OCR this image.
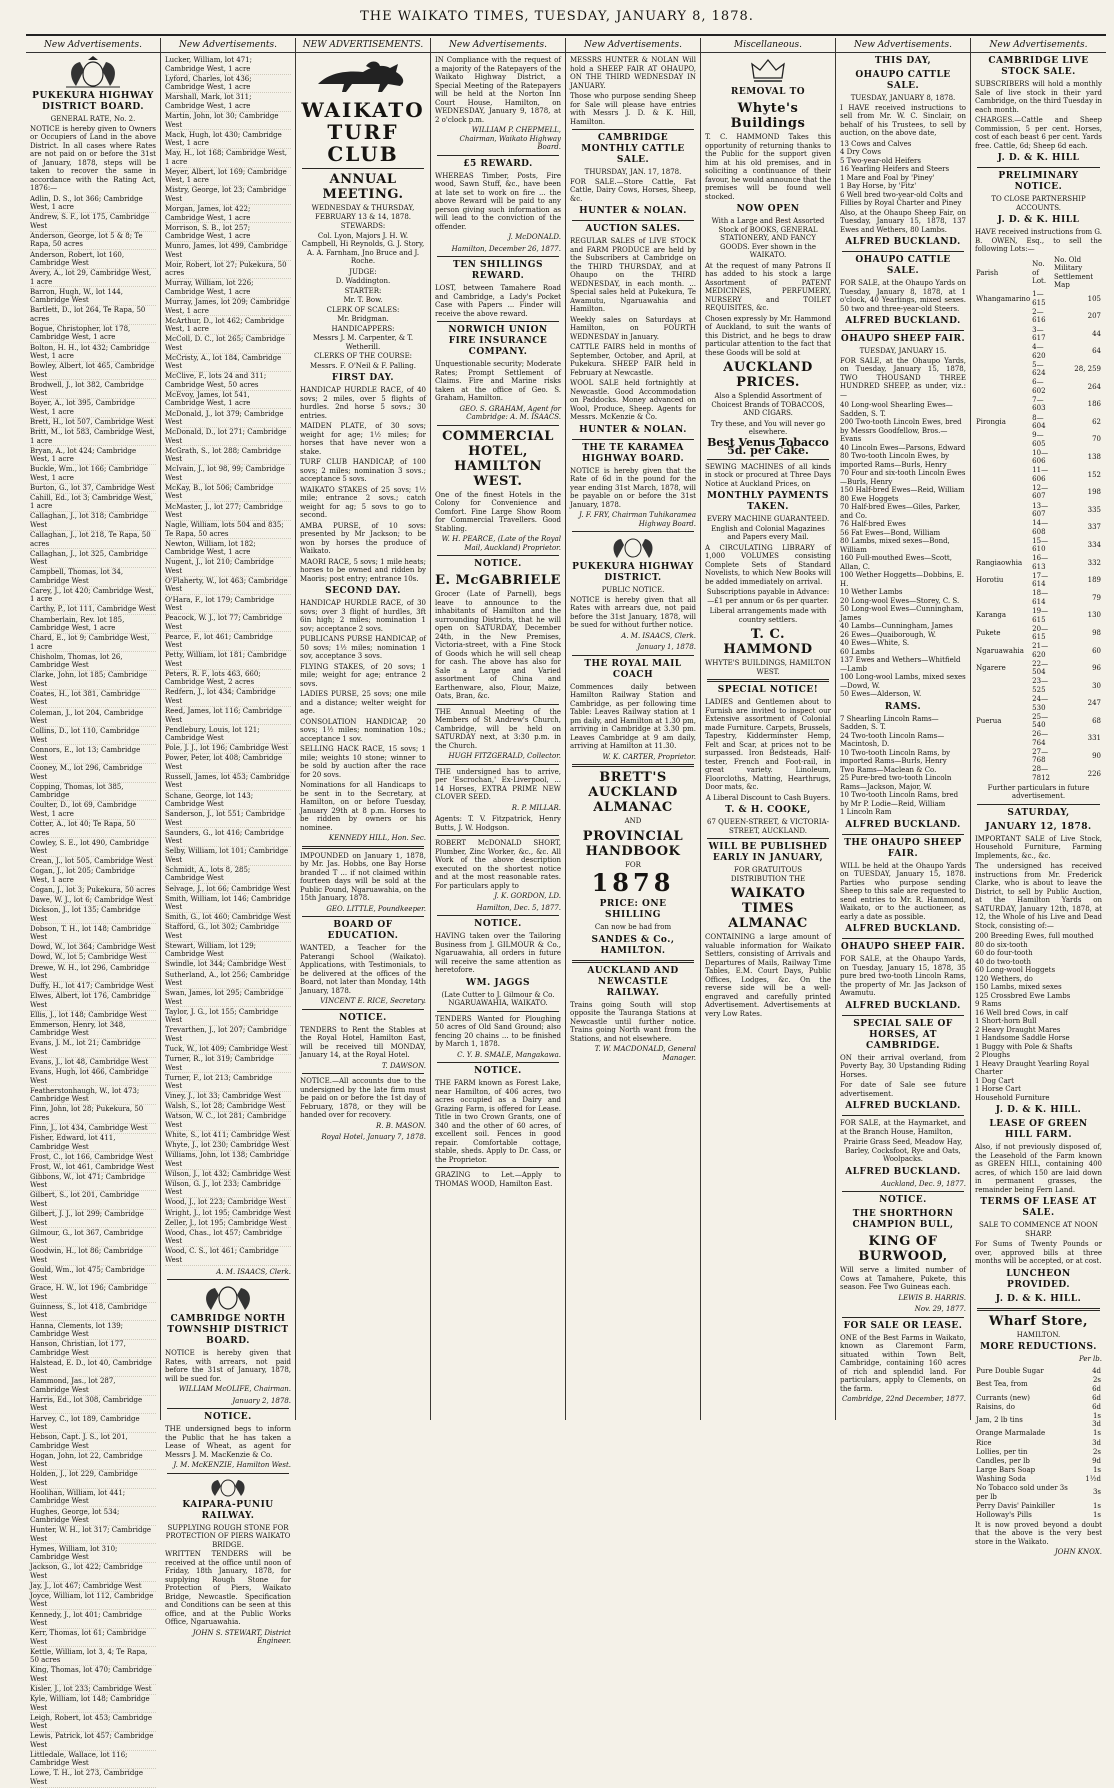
THE WAIKATO TIMES, TUESDAY, JANUARY 8, 1878.
New Advertisements.
PUKEKURA HIGHWAY DISTRICT BOARD.
GENERAL RATE, No. 2.

NOTICE is hereby given to Owners or Occupiers of Land in the above District. In all cases where Rates are not paid on or before the 31st of January, 1878, steps will be taken to recover the same in accordance with the Rating Act, 1876:—

Adlin, D. S., lot 366; Cambridge West, 1 acre
Andrew, S. F., lot 175, Cambridge West
Anderson, George, lot 5 & 8; Te Rapa, 50 acres
Anderson, Robert, lot 160, Cambridge West
Avery, A., lot 29, Cambridge West, 1 acre
Barron, Hugh, W., lot 144, Cambridge West
Bartlett, D., lot 264, Te Rapa, 50 acres
Bogue, Christopher, lot 178, Cambridge West, 1 acre
Bolton, H. H., lot 432; Cambridge West, 1 acre
Bowley, Albert, lot 465, Cambridge West
Brodwell, J., lot 382, Cambridge West
Boyer, A., lot 395, Cambridge West, 1 acre
Brett, H., lot 507, Cambridge West
Britt, M., lot 583, Cambridge West, 1 acre
Bryan, A., lot 424; Cambridge West, 1 acre
Buckle, Wm., lot 166; Cambridge West, 1 acre
Burton, G., lot 37, Cambridge West
Cahill, Ed., lot 3; Cambridge West, 1 acre
Callaghan, J., lot 318; Cambridge West
Callaghan, J., lot 218, Te Rapa, 50 acres
Callaghan, J., lot 325, Cambridge West
Campbell, Thomas, lot 34, Cambridge West
Carey, J., lot 420; Cambridge West, 1 acre
Carthy, P., lot 111, Cambridge West
Chamberlain, Rev. lot 185, Cambridge West, 1 acre
Chard, E., lot 9; Cambridge West, 1 acre
Chisholm, Thomas, lot 26, Cambridge West
Clarke, John, lot 185; Cambridge West
Coates, H., lot 381, Cambridge West
Coleman, J., lot 204, Cambridge West
Collins, D., lot 110, Cambridge West
Connors, E., lot 13; Cambridge West
Cooney, M., lot 296, Cambridge West
Copping, Thomas, lot 385, Cambridge
Coulter, D., lot 69, Cambridge West, 1 acre
Cotter, A., lot 40; Te Rapa, 50 acres
Cowley, S. E., lot 490, Cambridge West
Crean, J., lot 505, Cambridge West
Cogan, J., lot 205; Cambridge West, 1 acre
Cogan, J., lot 3; Pukekura, 50 acres
Dawe, W. J., lot 6; Cambridge West
Dickson, J., lot 135; Cambridge West
Dobson, T. H., lot 148; Cambridge West
Dowd, W., lot 364; Cambridge West
Dowd, W., lot 5; Cambridge West
Drewe, W. H., lot 296, Cambridge West
Duffy, H., lot 417; Cambridge West
Elwes, Albert, lot 176, Cambridge West
Ellis, J., lot 148; Cambridge West
Emmerson, Henry, lot 348, Cambridge West
Evans, J. M., lot 21; Cambridge West
Evans, J., lot 48, Cambridge West
Evans, Hugh, lot 466, Cambridge West
Featherstonhaugh, W., lot 473; Cambridge West
Finn, John, lot 28; Pukekura, 50 acres
Finn, J., lot 434, Cambridge West
Fisher, Edward, lot 411, Cambridge West
Frost, C., lot 166, Cambridge West
Frost, W., lot 461, Cambridge West
Gibbons, W., lot 471; Cambridge West
Gilbert, S., lot 201, Cambridge West
Gilbert, J. J., lot 299; Cambridge West
Gilmour, G., lot 367, Cambridge West
Goodwin, H., lot 86; Cambridge West
Gould, Wm., lot 475; Cambridge West
Grace, H. W., lot 196; Cambridge West
Guinness, S., lot 418, Cambridge West
Hanna, Clements, lot 139; Cambridge West
Hanson, Christian, lot 177, Cambridge West
Halstead, E. D., lot 40, Cambridge West
Hammond, Jas., lot 287, Cambridge West
Harris, Ed., lot 308, Cambridge West
Harvey, C., lot 189, Cambridge West
Hebson, Capt. J. S., lot 201, Cambridge West
Hogan, John, lot 22, Cambridge West
Holden, J., lot 229, Cambridge West
Hoolihan, William, lot 441; Cambridge West
Hughes, George, lot 534; Cambridge West
Hunter, W. H., lot 317; Cambridge West
Hymes, William, lot 310; Cambridge West
Jackson, G., lot 422; Cambridge West
Jay, J., lot 467; Cambridge West
Joyce, William, lot 112, Cambridge West
Kennedy, J., lot 401; Cambridge West
Kerr, Thomas, lot 61; Cambridge West
Kettle, William, lot 3, 4; Te Rapa, 50 acres
King, Thomas, lot 470; Cambridge West
Kisler, J., lot 233; Cambridge West
Kyle, William, lot 148; Cambridge West
Leigh, Robert, lot 453; Cambridge West
Lewis, Patrick, lot 457; Cambridge West
Littledale, Wallace, lot 116; Cambridge West
Lowe, T. H., lot 273, Cambridge West
New Advertisements.
Lucker, William, lot 471; Cambridge West, 1 acre
Lyford, Charles, lot 436; Cambridge West, 1 acre
Marshall, Mark, lot 311; Cambridge West, 1 acre
Martin, John, lot 30; Cambridge West
Mack, Hugh, lot 430; Cambridge West, 1 acre
May, H., lot 168; Cambridge West, 1 acre
Meyer, Albert, lot 169; Cambridge West, 1 acre
Mistry, George, lot 23; Cambridge West
Morgan, James, lot 422; Cambridge West, 1 acre
Morrison, S. B., lot 257; Cambridge West, 1 acre
Munro, James, lot 499, Cambridge West
Moir, Robert, lot 27; Pukekura, 50 acres
Murray, William, lot 226; Cambridge West, 1 acre
Murray, James, lot 209; Cambridge West, 1 acre
McArthur, D., lot 462; Cambridge West, 1 acre
McColl, D. C., lot 265; Cambridge West
McCristy, A., lot 184, Cambridge West
McClive, F., lots 24 and 311; Cambridge West, 50 acres
McEvoy, James, lot 541, Cambridge West, 1 acre
McDonald, J., lot 379; Cambridge West
McDonald, D., lot 271; Cambridge West
McGrath, S., lot 288; Cambridge West
McIvain, J., lot 98, 99; Cambridge West
McKay, B., lot 506; Cambridge West
McMaster, J., lot 277; Cambridge West
Nagle, William, lots 504 and 835; Te Rapa, 50 acres
Newton, William, lot 182; Cambridge West, 1 acre
Nugent, J., lot 210; Cambridge West
O'Flaherty, W., lot 463; Cambridge West
O'Hara, F., lot 179; Cambridge West
Peacock, W. J., lot 77; Cambridge West
Pearce, F., lot 461; Cambridge West
Petty, William, lot 181; Cambridge West
Peters, R. F., lots 463, 660; Cambridge West, 2 acres
Redfern, J., lot 434; Cambridge West
Reed, James, lot 116; Cambridge West
Pendlebury, Louis, lot 121; Cambridge West
Pole, J. J., lot 196; Cambridge West
Power, Peter, lot 408; Cambridge West
Russell, James, lot 453; Cambridge West
Schane, George, lot 143; Cambridge West
Sanderson, J., lot 551; Cambridge West
Saunders, G., lot 416; Cambridge West
Selby, William, lot 101; Cambridge West
Schmidt, A., lots 8, 285; Cambridge West
Selvage, J., lot 66; Cambridge West
Smith, William, lot 146; Cambridge West
Smith, G., lot 460; Cambridge West
Stafford, G., lot 302; Cambridge West
Stewart, William, lot 129; Cambridge West
Swindle, lot 344; Cambridge West
Sutherland, A., lot 256; Cambridge West
Swan, James, lot 295; Cambridge West
Taylor, J. G., lot 155; Cambridge West
Trevarthen, J., lot 207; Cambridge West
Tuck, W., lot 409; Cambridge West
Turner, R., lot 319; Cambridge West
Turner, F., lot 213; Cambridge West
Viney, J., lot 33; Cambridge West
Walsh, S., lot 28; Cambridge West
Watson, W. C., lot 281; Cambridge West
White, S., lot 411; Cambridge West
Whyte, J., lot 230; Cambridge West
Williams, John, lot 138; Cambridge West
Wilson, J., lot 432; Cambridge West
Wilson, G. J., lot 233; Cambridge West
Wood, J., lot 223; Cambridge West
Wright, J., lot 195; Cambridge West
Zeller, J., lot 195; Cambridge West
Wood, Chas., lot 457; Cambridge West
Wood, C. S., lot 461; Cambridge West
A. M. ISAACS, Clerk.
CAMBRIDGE NORTH TOWNSHIP DISTRICT BOARD.

NOTICE is hereby given that Rates, with arrears, not paid before the 31st of January, 1878, will be sued for.

WILLIAM McOLIFE, Chairman.
January 2, 1878.
NOTICE.

THE undersigned begs to inform the Public that he has taken a Lease of Wheat, as agent for Messrs J. M. MacKenzie & Co.

J. M. McKENZIE, Hamilton West.
KAIPARA-PUNIU RAILWAY.
SUPPLYING ROUGH STONE FOR PROTECTION OF PIERS WAIKATO BRIDGE.

WRITTEN TENDERS will be received at the office until noon of Friday, 18th January, 1878, for supplying Rough Stone for Protection of Piers, Waikato Bridge, Newcastle. Specification and Conditions can be seen at this office, and at the Public Works Office, Ngaruawahia.

JOHN S. STEWART, District Engineer.
NEW ADVERTISEMENTS.
WAIKATO TURF CLUB
ANNUAL MEETING.
WEDNESDAY & THURSDAY, FEBRUARY 13 & 14, 1878.
STEWARDS:

Col. Lyon, Majors J. H. W. Campbell, Hi Reynolds, G. J. Story, A. A. Farnham, Jno Bruce and J. Roche.

JUDGE:
D. Waddington.
STARTER:
Mr. T. Bow.
CLERK OF SCALES:
Mr. Bridgman.
HANDICAPPERS:
Messrs J. M. Carpenter, & T. Wetherill.
CLERKS OF THE COURSE:
Messrs. F. O'Neil & F. Palling.
FIRST DAY.

HANDICAP HURDLE RACE, of 40 sovs; 2 miles, over 5 flights of hurdles. 2nd horse 5 sovs.; 30 entries.

MAIDEN PLATE, of 30 sovs; weight for age; 1½ miles; for horses that have never won a stake.

TURF CLUB HANDICAP, of 100 sovs; 2 miles; nomination 3 sovs.; acceptance 5 sovs.

WAIKATO STAKES of 25 sovs; 1½ mile; entrance 2 sovs.; catch weight for ag; 5 sovs to go to second.

AMBA PURSE, of 10 sovs: presented by Mr Jackson; to be won by horses the produce of Waikato.

MAORI RACE, 5 sovs; 1 mile heats; horses to be owned and ridden by Maoris; post entry; entrance 10s.

SECOND DAY.

HANDICAP HURDLE RACE, of 30 sovs; over 3 flight of hurdles, 3ft 6in high; 2 miles; nomination 1 sov; acceptance 2 sovs.

PUBLICANS PURSE HANDICAP, of 50 sovs; 1½ miles; nomination 1 sov, acceptance 3 sovs.

FLYING STAKES, of 20 sovs; 1 mile; weight for age; entrance 2 sovs.

LADIES PURSE, 25 sovs; one mile and a distance; welter weight for age.

CONSOLATION HANDICAP, 20 sovs; 1½ miles; nomination 10s.; acceptance 1 sov.

SELLING HACK RACE, 15 sovs; 1 mile; weights 10 stone; winner to be sold by auction after the race for 20 sovs.

Nominations for all Handicaps to be sent in to the Secretary, at Hamilton, on or before Tuesday, January 29th at 8 p.m. Horses to be ridden by owners or his nominee.

KENNEDY HILL, Hon. Sec.

IMPOUNDED on January 1, 1878, by Mr. Jas. Hobbs, one Bay Horse branded T ... if not claimed within fourteen days will be sold at the Public Pound, Ngaruawahia, on the 15th January, 1878.

GEO. LITTLE, Poundkeeper.
BOARD OF EDUCATION.

WANTED, a Teacher for the Paterangi School (Waikato). Applications, with Testimonials, to be delivered at the offices of the Board, not later than Monday, 14th January, 1878.

VINCENT E. RICE, Secretary.
NOTICE.

TENDERS to Rent the Stables at the Royal Hotel, Hamilton East, will be received till MONDAY, January 14, at the Royal Hotel.

T. DAWSON.

NOTICE.—All accounts due to the undersigned by the late firm must be paid on or before the 1st day of February, 1878, or they will be handed over for recovery.

R. B. MASON.
Royal Hotel, January 7, 1878.
New Advertisements.

IN Compliance with the request of a majority of the Ratepayers of the Waikato Highway District, a Special Meeting of the Ratepayers will be held at the Norton Inn Court House, Hamilton, on WEDNESDAY, January 9, 1878, at 2 o'clock p.m.

WILLIAM P. CHEPMELL, Chairman, Waikato Highway Board.
£5 REWARD.

WHEREAS Timber, Posts, Fire wood, Sawn Stuff, &c., have been at late set to work on fire ... the above Reward will be paid to any person giving such information as will lead to the conviction of the offender.

J. McDONALD.
Hamilton, December 26, 1877.
TEN SHILLINGS REWARD.

LOST, between Tamahere Road and Cambridge, a Lady's Pocket Case with Papers ... Finder will receive the above reward.

NORWICH UNION FIRE INSURANCE COMPANY.

Unquestionable security; Moderate Rates; Prompt Settlement of Claims. Fire and Marine risks taken at the office of Geo. S. Graham, Hamilton.

GEO. S. GRAHAM, Agent for Cambridge: A. M. ISAACS.
COMMERCIAL HOTEL, HAMILTON WEST.

One of the finest Hotels in the Colony for Convenience and Comfort. Fine Large Show Room for Commercial Travellers. Good Stabling.

W. H. PEARCE, (Late of the Royal Mail, Auckland) Proprietor.
NOTICE.
E. McGABRIELE

Grocer (Late of Parnell), begs leave to announce to the inhabitants of Hamilton and the surrounding Districts, that he will open on SATURDAY, December 24th, in the New Premises, Victoria-street, with a Fine Stock of Goods which he will sell cheap for cash. The above has also for Sale a Large and Varied assortment of China and Earthenware, also, Flour, Maize, Oats, Bran, &c.

THE Annual Meeting of the Members of St Andrew's Church, Cambridge, will be held on SATURDAY next, at 3:30 p.m. in the Church.

HUGH FITZGERALD, Collector.

THE undersigned has to arrive, per 'Escrochan,' Ex-Liverpool, ... 14 Horses, EXTRA PRIME NEW CLOVER SEED.

R. P. MILLAR.

Agents: T. V. Fitzpatrick, Henry Butts, J. W. Hodgson.

ROBERT McDONALD SHORT, Plumber, Zinc Worker, &c., &c. All Work of the above description executed on the shortest notice and at the most reasonable rates. For particulars apply to

J. K. GORDON, LD.
Hamilton, Dec. 5, 1877.
NOTICE.

HAVING taken over the Tailoring Business from J. GILMOUR & Co., Ngaruawahia, all orders in future will receive the same attention as heretofore.

WM. JAGGS
(Late Cutter to J. Gilmour & Co. NGARUAWAHIA, WAIKATO.

TENDERS Wanted for Ploughing 50 acres of Old Sand Ground; also fencing 20 chains ... to be finished by March 1, 1878.

C. Y. B. SMALE, Mangakawa.
NOTICE.

THE FARM known as Forest Lake, near Hamilton, of 406 acres, two acres occupied as a Dairy and Grazing Farm, is offered for Lease. Title in two Crown Grants, one of 340 and the other of 60 acres, of excellent soil. Fences in good repair. Comfortable cottage, stable, sheds. Apply to Dr. Cass, or the Proprietor.

GRAZING to Let.—Apply to THOMAS WOOD, Hamilton East.

New Advertisements.

MESSRS HUNTER & NOLAN Will hold a SHEEP FAIR AT OHAUPO, ON THE THIRD WEDNESDAY IN JANUARY.

Those who purpose sending Sheep for Sale will please have entries with Messrs J. D. & K. Hill, Hamilton.

CAMBRIDGE MONTHLY CATTLE SALE.
THURSDAY, JAN. 17, 1878.

FOR SALE.—Store Cattle, Fat Cattle, Dairy Cows, Horses, Sheep, &c.

HUNTER & NOLAN.
AUCTION SALES.

REGULAR SALES of LIVE STOCK and FARM PRODUCE are held by the Subscribers at Cambridge on the THIRD THURSDAY, and at Ohaupo on the THIRD WEDNESDAY, in each month. ... Special sales held at Pukekura, Te Awamutu, Ngaruawahia and Hamilton.

Weekly sales on Saturdays at Hamilton, on FOURTH WEDNESDAY in January.

CATTLE FAIRS held in months of September, October, and April, at Pukekura. SHEEP FAIR held in February at Newcastle.

WOOL SALE held fortnightly at Newcastle. Good Accommodation on Paddocks. Money advanced on Wool, Produce, Sheep. Agents for Messrs. McKenzie & Co.

HUNTER & NOLAN.
THE TE KARAMEA HIGHWAY BOARD.

NOTICE is hereby given that the Rate of 6d in the pound for the year ending 31st March, 1878, will be payable on or before the 31st January, 1878.

J. F. FRY, Chairman Tuhikaramea Highway Board.
PUKEKURA HIGHWAY DISTRICT.
PUBLIC NOTICE.

NOTICE is hereby given that all Rates with arrears due, not paid before the 31st January, 1878, will be sued for without further notice.

A. M. ISAACS, Clerk.
January 1, 1878.
THE ROYAL MAIL COACH

Commences daily between Hamilton Railway Station and Cambridge, as per following time Table: Leaves Railway station at 1 pm daily, and Hamilton at 1.30 pm, arriving in Cambridge at 3.30 pm. Leaves Cambridge at 9 am daily, arriving at Hamilton at 11.30.

W. K. CARTER, Proprietor.
BRETT'S AUCKLAND ALMANAC
AND
PROVINCIAL HANDBOOK
FOR
1878
PRICE: ONE SHILLING
Can now be had from
SANDES & Co., HAMILTON.
AUCKLAND AND NEWCASTLE RAILWAY.

Trains going South will stop opposite the Tauranga Stations at Newcastle until further notice. Trains going North want from the Stations, and not elsewhere.

T. W. MACDONALD, General Manager.
Miscellaneous.
REMOVAL TO
Whyte's Buildings

T. C. HAMMOND Takes this opportunity of returning thanks to the Public for the support given him at his old premises, and in soliciting a continuance of their favour, he would announce that the premises will be found well stocked.

NOW OPEN

With a Large and Best Assorted Stock of BOOKS, GENERAL STATIONERY, AND FANCY GOODS. Ever shown in the WAIKATO.

At the request of many Patrons II has added to his stock a large Assortment of PATENT MEDICINES, PERFUMERY, NURSERY and TOILET REQUISITES, &c.

Chosen expressly by Mr. Hammond of Auckland, to suit the wants of this District, and he begs to draw particular attention to the fact that these Goods will be sold at

AUCKLAND PRICES.

Also a Splendid Assortment of Choicest Brands of TOBACCOS, AND CIGARS.

Try these, and You will never go elsewhere.

Best Venus Tobacco 5d. per Cake.

SEWING MACHINES of all kinds in stock or procured at Three Days Notice at Auckland Prices, on

MONTHLY PAYMENTS TAKEN.
EVERY MACHINE GUARANTEED.

English and Colonial Magazines and Papers every Mail.

A CIRCULATING LIBRARY of 1,000 VOLUMES consisting Complete Sets of Standard Novelists, to which New Books will be added immediately on arrival.

Subscriptions payable in Advance:—£1 per annum or 6s per quarter.

Liberal arrangements made with country settlers.

T. C. HAMMOND
WHYTE'S BUILDINGS, HAMILTON WEST.
SPECIAL NOTICE!

LADIES and Gentlemen about to Furnish are invited to inspect our Extensive assortment of Colonial made Furniture. Carpets, Brussels, Tapestry, Kidderminster Hemp, Felt and Scar, at prices not to be surpassed. Iron Bedsteads, Half-tester, French and Foot-rail, in great variety. Linoleum, Floorcloths, Matting, Hearthrugs, Door mats, &c.

A Liberal Discount to Cash Buyers.
T. & H. COOKE,
67 QUEEN-STREET, & VICTORIA-STREET, AUCKLAND.
WILL BE PUBLISHED EARLY IN JANUARY,
FOR GRATUITOUS DISTRIBUTION THE
WAIKATO TIMES ALMANAC

CONTAINING a large amount of valuable information for Waikato Settlers, consisting of Arrivals and Departures of Mails, Railway Time Tables, E.M. Court Days, Public Offices, Lodges, &c. On the reverse side will be a well-engraved and carefully printed Advertisement. Advertisements at very Low Rates.

New Advertisements.
THIS DAY,
OHAUPO CATTLE SALE.
TUESDAY, JANUARY 8, 1878.

I HAVE received instructions to sell from Mr. W. C. Sinclair, on behalf of his Trustees, to sell by auction, on the above date,

13 Cows and Calves
4 Dry Cows
5 Two-year-old Heifers
16 Yearling Heifers and Steers
1 Mare and Foal by 'Piney'
1 Bay Horse, by 'Fitz'
6 Well bred two-year-old Colts and Fillies by Royal Charter and Piney

Also, at the Ohaupo Sheep Fair, on Tuesday, January 15, 1878, 137 Ewes and Wethers, 80 Lambs.

ALFRED BUCKLAND.
OHAUPO CATTLE SALE.

FOR SALE, at the Ohaupo Yards on Tuesday, January 8, 1878, at 1 o'clock, 40 Yearlings, mixed sexes. 50 two and three-year-old Steers.

ALFRED BUCKLAND.
OHAUPO SHEEP FAIR.
TUESDAY, JANUARY 15.

FOR SALE, at the Ohaupo Yards, on Tuesday, January 15, 1878, TWO THOUSAND THREE HUNDRED SHEEP, as under, viz.:—

40 Long-wool Shearling Ewes—Sadden, S. T.
200 Two-tooth Lincoln Ewes, bred by Messrs Goodfellow, Bros.—Evans
40 Lincoln Ewes—Parsons, Edward
80 Two-tooth Lincoln Ewes, by imported Rams—Burls, Henry
70 Four and six-tooth Lincoln Ewes—Burls, Henry
150 Half-bred Ewes—Reid, William
80 Ewe Hoggets
70 Half-bred Ewes—Giles, Parker, and Co.
76 Half-bred Ewes
56 Fat Ewes—Bond, William
80 Lambs, mixed sexes—Bond, William
160 Full-mouthed Ewes—Scott, Allan, C.
100 Wether Hoggetts—Dobbins, E. H.
10 Wether Lambs
20 Long-wool Ewes—Storey, C. S.
50 Long-wool Ewes—Cunningham, James
40 Lambs—Cunningham, James
26 Ewes—Quaiborough, W.
40 Ewes—White, S.
60 Lambs
137 Ewes and Wethers—Whitfield—Lamb
100 Long-wool Lambs, mixed sexes—Dowd, W.
50 Ewes—Alderson, W.
RAMS.
7 Shearling Lincoln Rams—Sadden, S. T.
24 Two-tooth Lincoln Rams—Macintosh, D.
10 Two-tooth Lincoln Rams, by imported Rams—Burls, Henry
Two Rams—Maclean & Co.
25 Pure-bred two-tooth Lincoln Rams—Jackson, Major, W.
10 Two-tooth Lincoln Rams, bred by Mr P. Lodie—Reid, William
1 Lincoln Ram
ALFRED BUCKLAND.
THE OHAUPO SHEEP FAIR.

WILL be held at the Ohaupo Yards on TUESDAY, January 15, 1878. Parties who purpose sending Sheep to this sale are requested to send entries to Mr. R. Hammond, Waikato, or to the auctioneer, as early a date as possible.

ALFRED BUCKLAND.
OHAUPO SHEEP FAIR.

FOR SALE, at the Ohaupo Yards, on Tuesday, January 15, 1878, 35 pure bred two-tooth Lincoln Rams, the property of Mr. Jas Jackson of Awamutu.

ALFRED BUCKLAND.
SPECIAL SALE OF HORSES, AT CAMBRIDGE.

ON their arrival overland, from Poverty Bay, 30 Upstanding Riding Horses.

For date of Sale see future advertisement.

ALFRED BUCKLAND.

FOR SALE, at the Haymarket, and at the Branch House, Hamilton,

Prairie Grass Seed, Meadow Hay, Barley, Cocksfoot, Rye and Oats, Woolpacks.

ALFRED BUCKLAND.
Auckland, Dec. 9, 1877.
NOTICE.
THE SHORTHORN CHAMPION BULL,
KING OF BURWOOD,

Will serve a limited number of Cows at Tamahere, Pukete, this season. Fee Two Guineas each.

LEWIS B. HARRIS.
Nov. 29, 1877.
FOR SALE OR LEASE.

ONE of the Best Farms in Waikato, known as Claremont Farm, situated within Town Belt, Cambridge, containing 160 acres of rich and splendid land. For particulars, apply to Clements, on the farm.

Cambridge, 22nd December, 1877.
New Advertisements.
CAMBRIDGE LIVE STOCK SALE.

SUBSCRIBERS will hold a monthly Sale of live stock in their yard Cambridge, on the third Tuesday in each month.

CHARGES.—Cattle and Sheep Commission, 5 per cent. Horses, cost of each beast 6 per cent. Yards free. Cattle, 6d; Sheep 6d each.

J. D. & K. HILL
PRELIMINARY NOTICE.
TO CLOSE PARTNERSHIP ACCOUNTS.
J. D. & K. HILL

HAVE received instructions from G. B. OWEN, Esq., to sell the following Lots:—

Parish	No. of Lot.	No. Old Military Settlement Map
Whangamarino	1—615	105
	2—616	207
	3—617	44
	4—620	64
	5—624	28, 259
	6—602	264
	7—603	186
Pirongia	8—604	62
	9—605	70
	10—606	138
	11—606	152
	12—607	198
	13—607	335
	14—608	337
	15—610	334
Rangiaowhia	16—613	332
Horotiu	17—614	189
	18—614	79
Karanga	19—615	130
Pukete	20—615	98
Ngaruawahia	21—620	60
Ngarere	22—504	96
	23—525	30
	24—530	247
Puerua	25—540	68
	26—764	331
	27—768	90
	28—7812	226

Further particulars in future advertisement.

SATURDAY,
JANUARY 12, 1878.

IMPORTANT SALE of Live Stock, Household Furniture, Farming Implements, &c., &c.

The undersigned has received instructions from Mr. Frederick Clarke, who is about to leave the District, to sell by Public Auction, at the Hamilton Yards on SATURDAY, January 12th, 1878, at 12, the Whole of his Live and Dead Stock, consisting of:—

200 Breeding Ewes, full mouthed
80 do six-tooth
60 do four-tooth
40 do two-tooth
60 Long-wool Hoggets
120 Wethers, do
150 Lambs, mixed sexes
125 Crossbred Ewe Lambs
9 Rams
16 Well bred Cows, in calf
1 Short-horn Bull
2 Heavy Draught Mares
1 Handsome Saddle Horse
1 Buggy with Pole & Shafts
2 Ploughs
1 Heavy Draught Yearling Royal Charter
1 Dog Cart
1 Horse Cart
Household Furniture
J. D. & K. HILL.
LEASE OF GREEN HILL FARM.

Also, if not previously disposed of, the Leasehold of the Farm known as GREEN HILL, containing 400 acres, of which 150 are laid down in permanent grasses, the remainder being Fern Land.

TERMS OF LEASE AT SALE.

SALE TO COMMENCE AT NOON SHARP.

For Sums of Twenty Pounds or over, approved bills at three months will be accepted, or at cost.

LUNCHEON PROVIDED.
J. D. & K. HILL.
Wharf Store,
HAMILTON.
MORE REDUCTIONS.
Per lb.
Pure Double Sugar	4d
Best Tea, from	2s 6d
Currants (new)	6d
Raisins, do	6d
Jam, 2 lb tins	1s 3d
Orange Marmalade	1s
Rice	3d
Lollies, per tin	2s
Candles, per lb	9d
Large Bars Soap	1s
Washing Soda	1½d
No Tobacco sold under 3s per lb	3s
Perry Davis' Painkiller	1s
Holloway's Pills	1s

It is now proved beyond a doubt that the above is the very best store in the Waikato.

JOHN KNOX.
